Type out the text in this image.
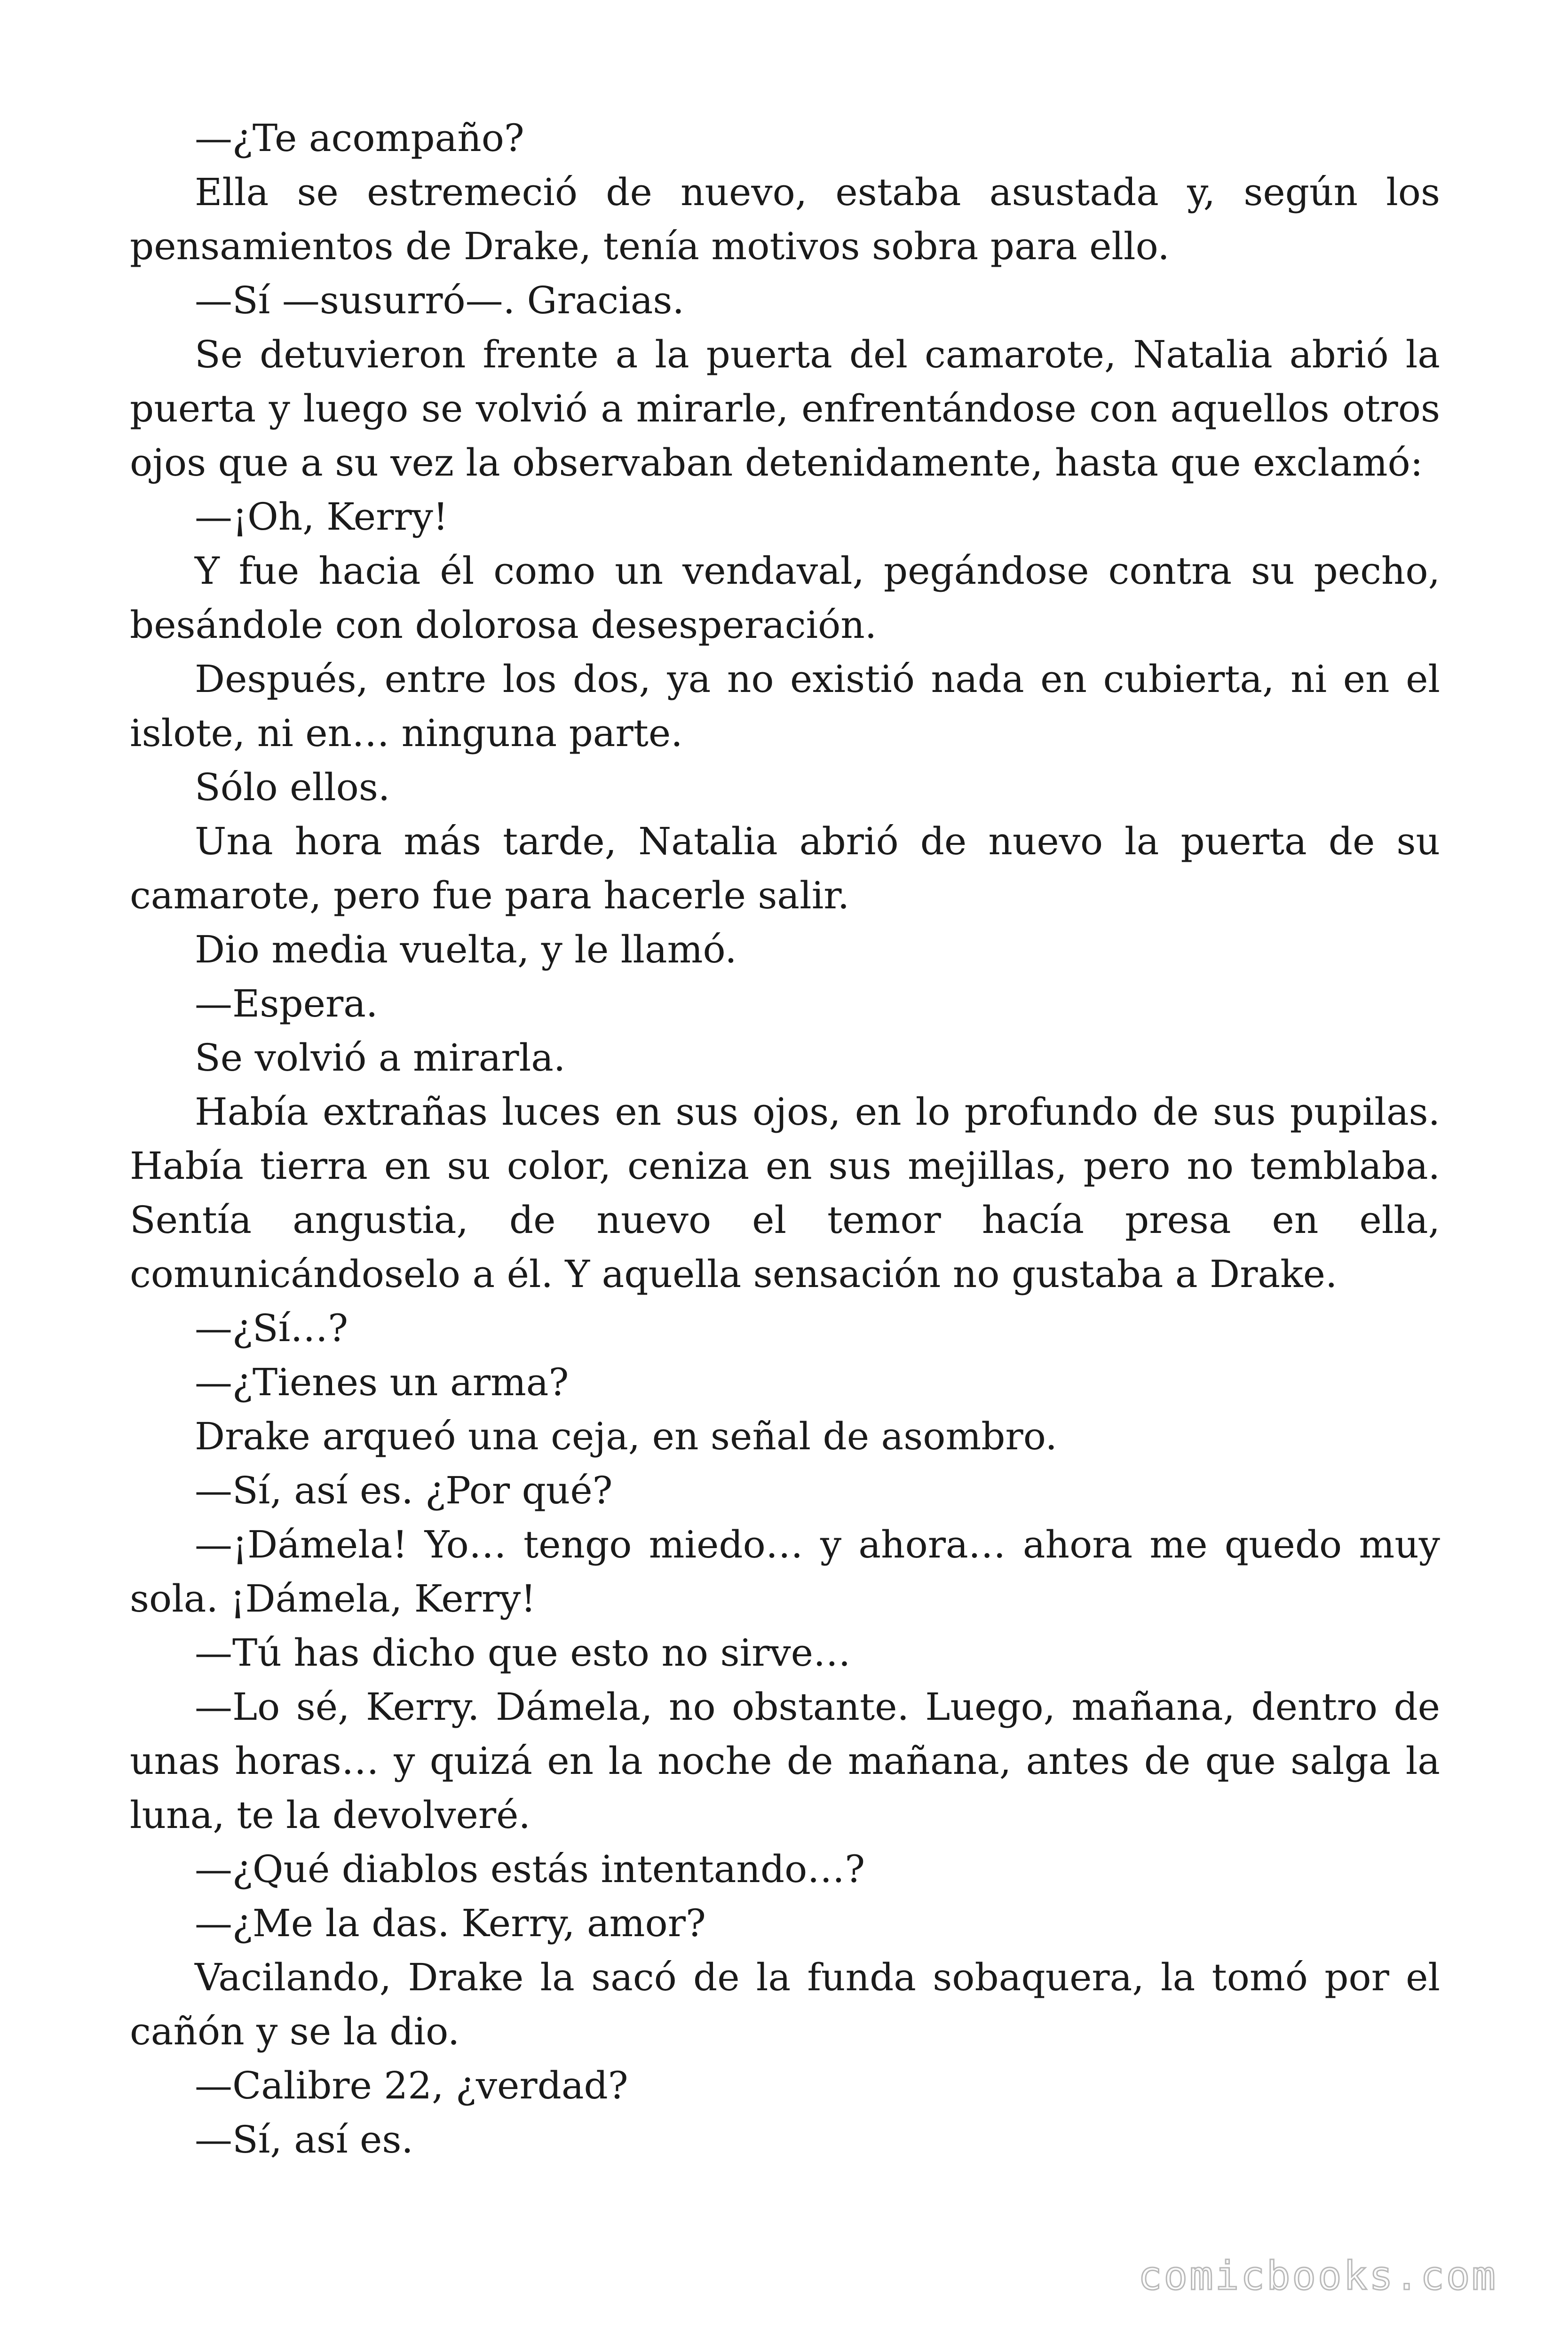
—¿Te acompaño?

Ella se estremeció de nuevo, estaba asustada y, según los pensamientos de Drake, tenía motivos sobra para ello.

—Sí —susurró—. Gracias.

Se detuvieron frente a la puerta del camarote, Natalia abrió la puerta y luego se volvió a mirarle, enfrentándose con aquellos otros ojos que a su vez la observaban detenidamente, hasta que exclamó:

—¡Oh, Kerry!

Y fue hacia él como un vendaval, pegándose contra su pecho, besándole con dolorosa desesperación.

Después, entre los dos, ya no existió nada en cubierta, ni en el islote, ni en… ninguna parte.

Sólo ellos.

Una hora más tarde, Natalia abrió de nuevo la puerta de su camarote, pero fue para hacerle salir.

Dio media vuelta, y le llamó.

—Espera.

Se volvió a mirarla.

Había extrañas luces en sus ojos, en lo profundo de sus pupilas. Había tierra en su color, ceniza en sus mejillas, pero no temblaba. Sentía angustia, de nuevo el temor hacía presa en ella, comunicándoselo a él. Y aquella sensación no gustaba a Drake.

—¿Sí…?

—¿Tienes un arma?

Drake arqueó una ceja, en señal de asombro.

—Sí, así es. ¿Por qué?

—¡Dámela! Yo… tengo miedo… y ahora… ahora me quedo muy sola. ¡Dámela, Kerry!

—Tú has dicho que esto no sirve…

—Lo sé, Kerry. Dámela, no obstante. Luego, mañana, dentro de unas horas… y quizá en la noche de mañana, antes de que salga la luna, te la devolveré.

—¿Qué diablos estás intentando…?

—¿Me la das. Kerry, amor?

Vacilando, Drake la sacó de la funda sobaquera, la tomó por el cañón y se la dio.

—Calibre 22, ¿verdad?

—Sí, así es.

comicbooks.com
